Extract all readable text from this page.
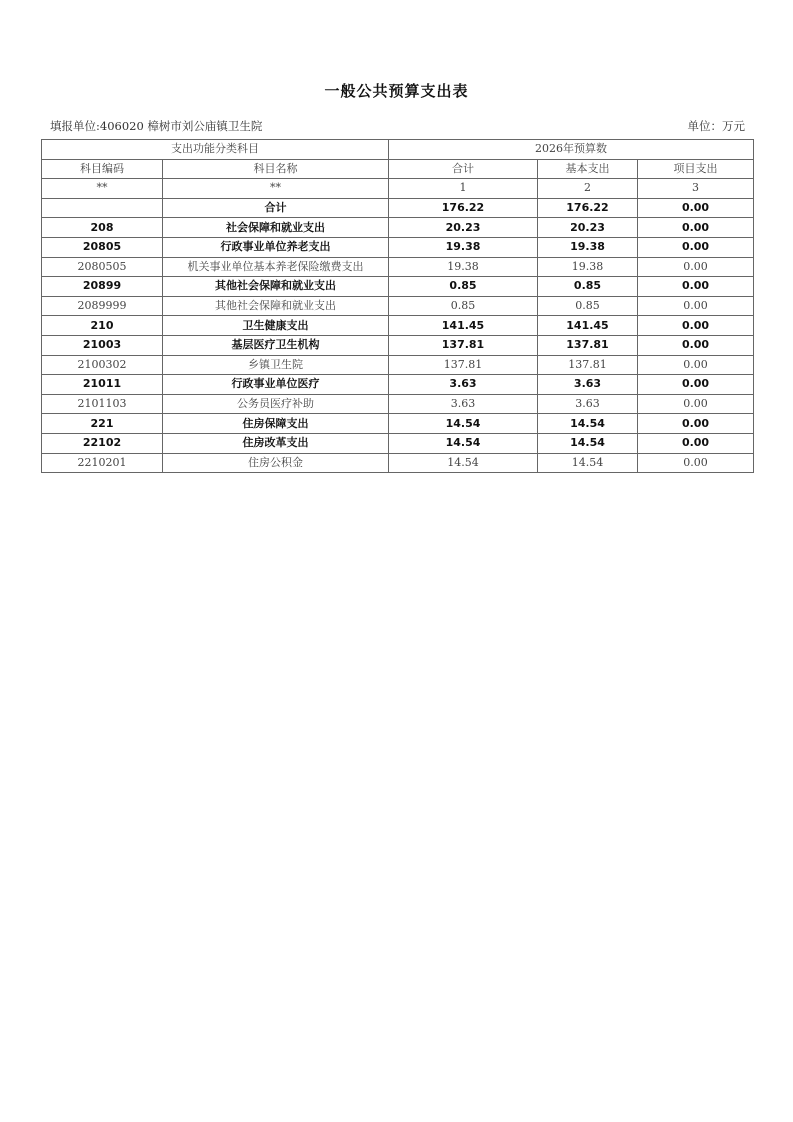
一般公共预算支出表
填报单位:406020 樟树市刘公庙镇卫生院	单位：万元
支出功能分类科目		2026年预算数		
科目编码	科目名称	合计	基本支出	项目支出
**	**	1	2	3
	合计	176.22	176.22	0.00
208	社会保障和就业支出	20.23	20.23	0.00
20805	行政事业单位养老支出	19.38	19.38	0.00
2080505	机关事业单位基本养老保险缴费支出	19.38	19.38	0.00
20899	其他社会保障和就业支出	0.85	0.85	0.00
2089999	其他社会保障和就业支出	0.85	0.85	0.00
210	卫生健康支出	141.45	141.45	0.00
21003	基层医疗卫生机构	137.81	137.81	0.00
2100302	乡镇卫生院	137.81	137.81	0.00
21011	行政事业单位医疗	3.63	3.63	0.00
2101103	公务员医疗补助	3.63	3.63	0.00
221	住房保障支出	14.54	14.54	0.00
22102	住房改革支出	14.54	14.54	0.00
2210201	住房公积金	14.54	14.54	0.00
